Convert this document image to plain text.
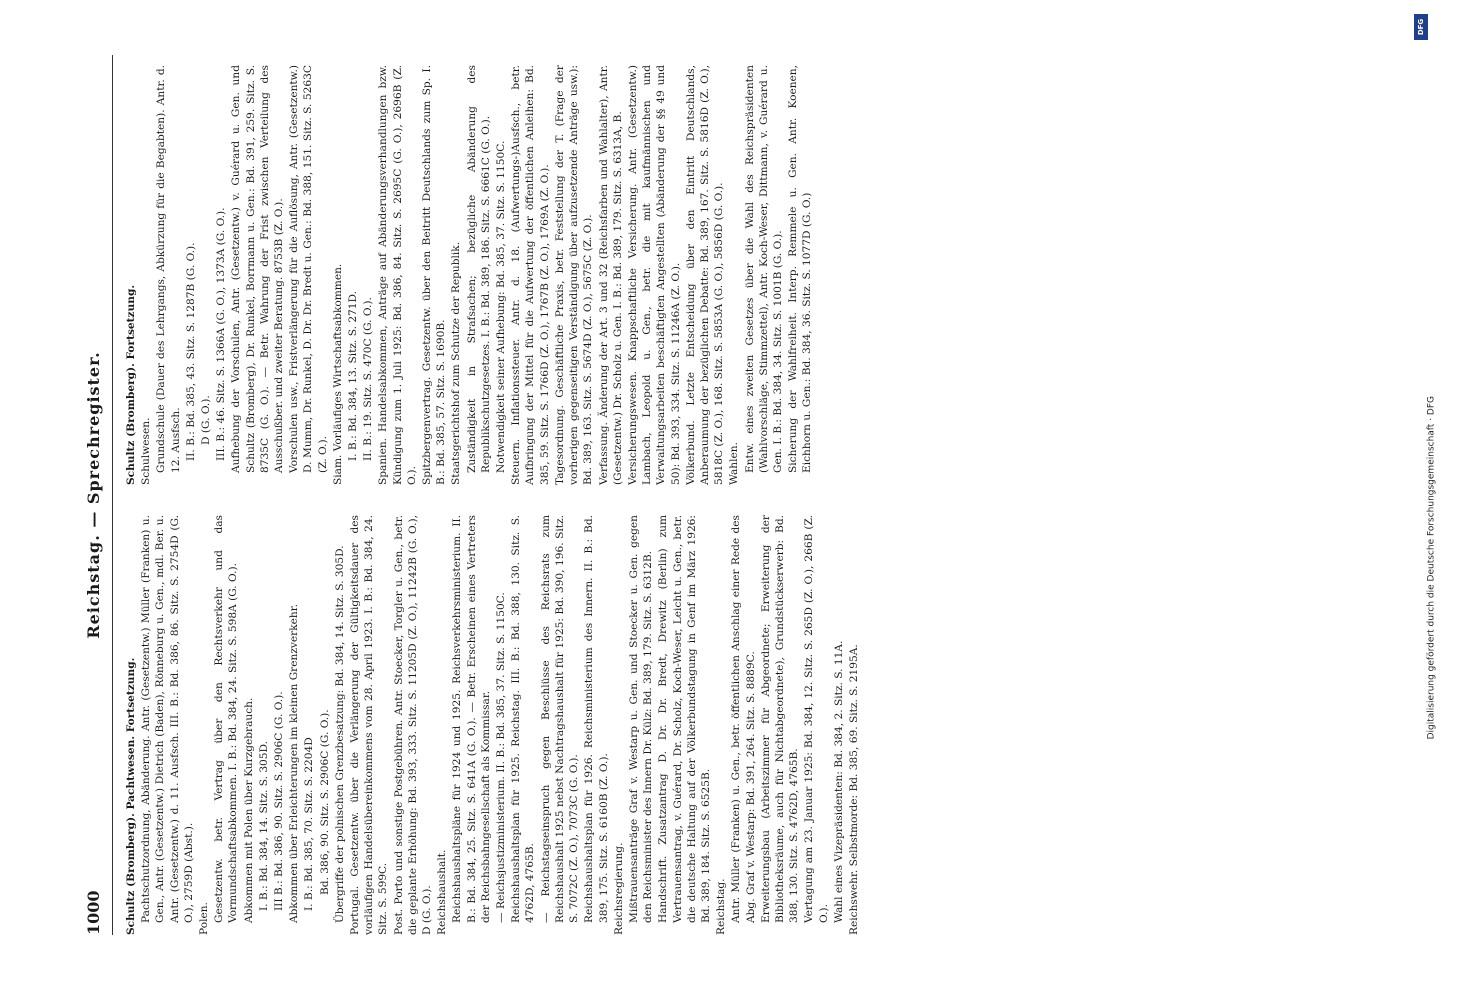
1000
Reichstag. — Sprechregister.

Schultz (Bromberg). Pachtwesen. Fortsetzung. Pachtschutzordnung, Abänderung. Antr. (Gesetzentw.) Müller (Franken) u. Gen., Antr. (Gesetzentw.) Dietrich (Baden), Rönneburg u. Gen., mdl. Ber. u. Antr. (Gesetzentw.) d. 11. Ausfsch. III. B.: Bd. 386, 86. Sitz. S. 2754D (G. O.), 2759D (Abst.). Polen. Gesetzentw. betr. Vertrag über den Rechtsverkehr und das Vormundschaftsabkommen. I. B.: Bd. 384, 24. Sitz. S. 598A (G. O.). Abkommen mit Polen über Kurzgebrauch. I. B.: Bd. 384, 14. Sitz. S. 305D. III B.: Bd. 386, 90. Sitz. S. 2906C (G. O.). Abkommen über Erleichterungen im kleinen Grenzverkehr. I. B.: Bd. 385, 70. Sitz. S. 2204D Bd. 386, 90. Sitz. S. 2906C (G. O.). Übergriffe der polnischen Grenzbesatzung: Bd. 384, 14. Sitz. S. 305D. Portugal. Gesetzentw. über die Verlängerung der Gültigkeitsdauer des vorläufigen Handelsübereinkommens vom 28. April 1923. I. B.: Bd. 384, 24. Sitz. S. 599C. Post. Porto und sonstige Postgebühren. Antr. Stoecker, Torgler u. Gen., betr. die geplante Erhöhung: Bd. 393, 333. Sitz. S. 11205D (Z. O.), 11242B (G. O.), D (G. O.). Reichshaushalt. Reichshaushaltspläne für 1924 und 1925. Reichsverkehrsministerium. II. B.: Bd. 384, 25. Sitz. S. 641A (G. O.). — Betr. Erscheinen eines Vertreters der Reichsbahngesellschaft als Kommissar. — Reichsjustizministerium. II. B.: Bd. 385, 37. Sitz. S. 1150C. Reichshaushaltsplan für 1925. Reichstag. III. B.: Bd. 388, 130. Sitz. S. 4762D, 4765B. — Reichstagseinspruch gegen Beschlüsse des Reichsrats zum Reichshaushalt 1925 nebst Nachtragshaushalt für 1925: Bd. 390, 196. Sitz. S. 7072C (Z. O.), 7073C (G. O.). Reichshaushaltsplan für 1926. Reichsministerium des Innern. II. B.: Bd. 389, 175. Sitz. S. 6160B (Z. O.). Reichsregierung. Mißtrauensanträge Graf v. Westarp u. Gen. und Stoecker u. Gen. gegen den Reichsminister des Innern Dr. Külz: Bd. 389, 179. Sitz. S. 6312B. Handschrift. Zusatzantrag D. Dr. Dr. Bredt, Drewitz (Berlin) zum Vertrauensantrag, v. Guérard, Dr. Scholz, Koch-Weser, Leicht u. Gen., betr. die deutsche Haltung auf der Völkerbundstagung in Genf im März 1926: Bd. 389, 184. Sitz. S. 6525B. Reichstag. Antr. Müller (Franken) u. Gen., betr. öffentlichen Anschlag einer Rede des Abg. Graf v. Westarp: Bd. 391, 264. Sitz. S. 8889C. Erweiterungsbau (Arbeitszimmer für Abgeordnete; Erweiterung der Bibliotheksräume, auch für Nichtabgeordnete), Grundstückserwerb: Bd. 388, 130. Sitz. S. 4762D, 4765B. Vertagung am 23. Januar 1925: Bd. 384, 12. Sitz. S. 265D (Z. O.), 266B (Z. O.). Wahl eines Vizepräsidenten: Bd. 384, 2. Sitz. S. 11A. Reichswehr. Selbstmorde: Bd. 385, 69. Sitz. S. 2195A.

Schultz (Bromberg). Fortsetzung. Schulwesen. Grundschule (Dauer des Lehrgangs, Abkürzung für die Begabten). Antr. d. 12. Ausfsch. II. B.: Bd. 385, 43. Sitz. S. 1287B (G. O.). D (G. O.). III. B.: 46. Sitz. S. 1366A (G. O.), 1373A (G. O.). Aufhebung der Vorschulen, Antr. (Gesetzentw.) v. Guérard u. Gen. und Schultz (Bromberg), Dr. Runkel, Borrmann u. Gen.: Bd. 391, 259. Sitz. S. 8735C (G. O.). — Betr. Wahrung der Frist zwischen Verteilung des Ausschußber. und zweiter Beratung. 8753B (Z. O.). Vorschulen usw., Fristverlängerung für die Auflösung, Antr. (Gesetzentw.) D. Mumm, Dr. Runkel, D. Dr. Dr. Bredt u. Gen.: Bd. 388, 151. Sitz. S. 5263C (Z. O.). Siam. Vorläufiges Wirtschaftsabkommen. I. B.: Bd. 384, 13. Sitz. S. 271D. II. B.: 19. Sitz. S. 470C (G. O.). Spanien. Handelsabkommen, Anträge auf Abänderungsverhandlungen bzw. Kündigung zum 1. Juli 1925: Bd. 386, 84. Sitz. S. 2695C (G. O.), 2696B (Z. O.). Spitzbergenvertrag. Gesetzentw. über den Beitritt Deutschlands zum Sp. I. B.: Bd. 385, 57. Sitz. S. 1690B. Staatsgerichtshof zum Schutze der Republik. Zuständigkeit in Strafsachen; bezügliche Abänderung des Republikschutzgesetzes. I. B.: Bd. 389, 186. Sitz. S. 6661C (G. O.). Notwendigkeit seiner Aufhebung: Bd. 385, 37. Sitz. S. 1150C. Steuern. Inflationssteuer. Antr. d. 18. (Aufwertungs-)Ausfsch., betr. Aufbringung der Mittel für die Aufwertung der öffentlichen Anleihen: Bd. 385, 59. Sitz. S. 1766D (Z. O.), 1767B (Z. O.), 1769A (Z. O.). Tagesordnung. Geschäftliche Praxis, betr. Feststellung der T. (Frage der vorherigen gegenseitigen Verständigung über aufzusetzende Anträge usw.): Bd. 389, 163. Sitz. S. 5674D (Z. O.), 5675C (Z. O.). Verfassung. Änderung der Art. 3 und 32 (Reichsfarben und Wahlalter), Antr. (Gesetzentw.) Dr. Scholz u. Gen. I. B.: Bd. 389, 179. Sitz. S. 6313A, B. Versicherungswesen. Knappschaftliche Versicherung. Antr. (Gesetzentw.) Lambach, Leopold u. Gen., betr. die mit kaufmännischen und Verwaltungsarbeiten beschäftigten Angestellten (Abänderung der §§ 49 und 50): Bd. 393, 334. Sitz. S. 11246A (Z. O.). Völkerbund. Letzte Entscheidung über den Eintritt Deutschlands, Anberaumung der bezüglichen Debatte: Bd. 389, 167. Sitz. S. 5816D (Z. O.), 5818C (Z. O.), 168. Sitz. S. 5853A (G. O.), 5856D (G. O.). Wahlen. Entw. eines zweiten Gesetzes über die Wahl des Reichspräsidenten (Wahlvorschläge, Stimmzettel), Antr. Koch-Weser, Dittmann, v. Guérard u. Gen. I. B.: Bd. 384, 34. Sitz. S. 1001B (G. O.). Sicherung der Wahlfreiheit. Interp. Remmele u. Gen. Antr. Koenen, Eichhorn u. Gen.: Bd. 384, 36. Sitz. S. 1077D (G. O.)

DFG
Digitalisierung gefördert durch die Deutsche Forschungsgemeinschaft · DFG
